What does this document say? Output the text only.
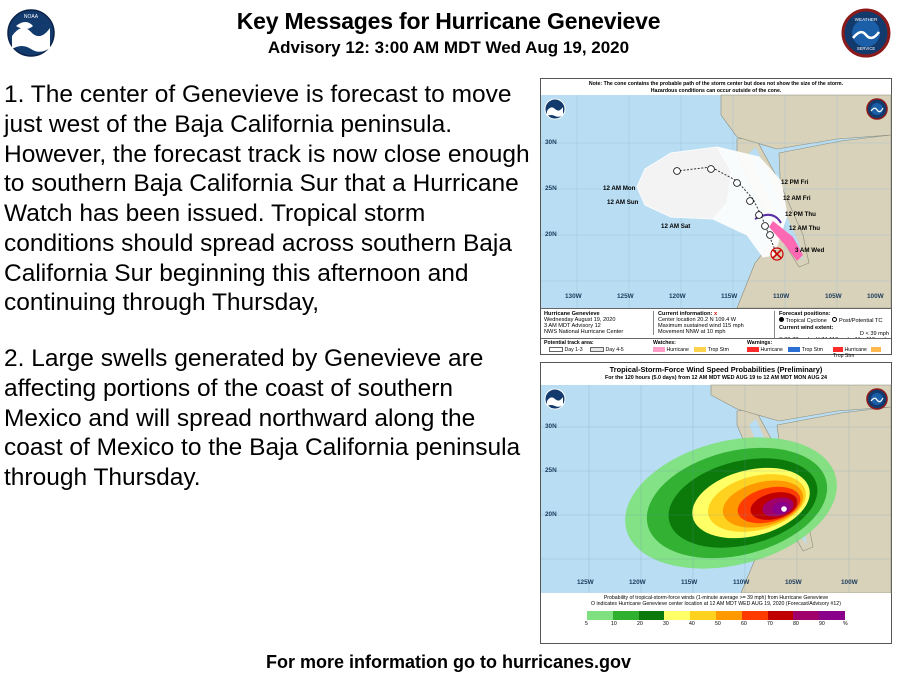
NOAA	Key Messages for Hurricane Genevieve
Advisory 12: 3:00 AM MDT Wed Aug 19, 2020
WEATHER
SERVICE

1. The center of Genevieve is forecast to move just west of the Baja California peninsula. However, the forecast track is now close enough to southern Baja California Sur that a Hurricane Watch has been issued. Tropical storm conditions should spread across southern Baja California Sur beginning this afternoon and continuing through Thursday,

2. Large swells generated by Genevieve are affecting portions of the coast of southern Mexico and will spread northward along the coast of Mexico to the Baja California peninsula through Thursday.

Note: The cone contains the probable path of the storm center but does not show the size of the storm. Hazardous conditions can occur outside of the cone.
30N
25N
20N
130W	125W	120W	115W	110W	105W	100W
12 AM Mon
12 AM Sun
12 AM Sat
12 PM Fri
12 AM Fri
12 PM Thu
12 AM Thu
3 AM Wed
Hurricane Genevieve
Wednesday August 19, 2020
3 AM MDT Advisory 12
NWS National Hurricane Center
Current information: x
Center location 20.2 N 109.4 W
Maximum sustained wind 115 mph
Movement NNW at 10 mph
Forecast positions:
Tropical Cyclone Post/Potential TC
Current wind extent:
D < 39 mph
Potential track area:
Day 1-3	Day 4-5
Watches:
Hurricane	Trop Stm
Warnings:
Hurricane	Trop Stm	Hurricane  Trop Stm
Tropical-Storm-Force Wind Speed Probabilities (Preliminary)
For the 120 hours (5.0 days) from 12 AM MDT WED AUG 19 to 12 AM MDT MON AUG 24
30N
25N
20N
125W	120W	115W	110W	105W	100W
Probability of tropical-storm-force winds (1-minute average >= 39 mph) from Hurricane Genevieve
O indicates Hurricane Genevieve center location at 12 AM MDT WED AUG 19, 2020 (Forecast/Advisory #12)
5	10	20	30	40	50	60	70	80	90	%
For more information go to hurricanes.gov
